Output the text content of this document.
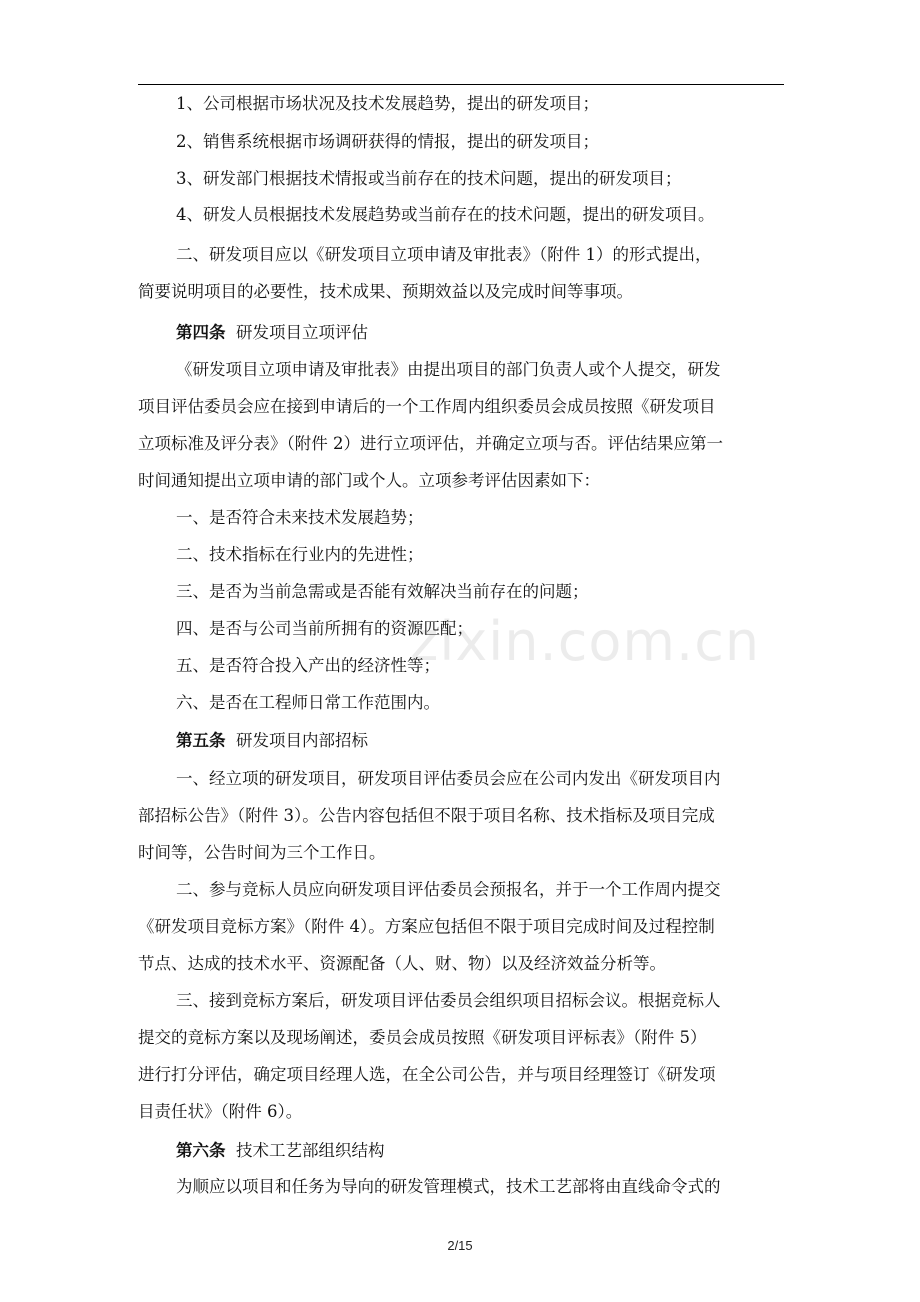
1、公司根据市场状况及技术发展趋势，提出的研发项目；
2、销售系统根据市场调研获得的情报，提出的研发项目；
3、研发部门根据技术情报或当前存在的技术问题，提出的研发项目；
4、研发人员根据技术发展趋势或当前存在的技术问题，提出的研发项目。
二、研发项目应以《研发项目立项申请及审批表》（附件 1）的形式提出，
简要说明项目的必要性，技术成果、预期效益以及完成时间等事项。
第四条 研发项目立项评估
《研发项目立项申请及审批表》由提出项目的部门负责人或个人提交，研发
项目评估委员会应在接到申请后的一个工作周内组织委员会成员按照《研发项目
立项标准及评分表》（附件 2）进行立项评估，并确定立项与否。评估结果应第一
时间通知提出立项申请的部门或个人。立项参考评估因素如下：
一、是否符合未来技术发展趋势；
二、技术指标在行业内的先进性；
三、是否为当前急需或是否能有效解决当前存在的问题；
四、是否与公司当前所拥有的资源匹配；
五、是否符合投入产出的经济性等；
六、是否在工程师日常工作范围内。
第五条 研发项目内部招标
一、经立项的研发项目，研发项目评估委员会应在公司内发出《研发项目内
部招标公告》（附件 3）。公告内容包括但不限于项目名称、技术指标及项目完成
时间等，公告时间为三个工作日。
二、参与竞标人员应向研发项目评估委员会预报名，并于一个工作周内提交
《研发项目竞标方案》（附件 4）。方案应包括但不限于项目完成时间及过程控制
节点、达成的技术水平、资源配备（人、财、物）以及经济效益分析等。
三、接到竞标方案后，研发项目评估委员会组织项目招标会议。根据竞标人
提交的竞标方案以及现场阐述，委员会成员按照《研发项目评标表》（附件 5）
进行打分评估，确定项目经理人选，在全公司公告，并与项目经理签订《研发项
目责任状》（附件 6）。
第六条 技术工艺部组织结构
为顺应以项目和任务为导向的研发管理模式，技术工艺部将由直线命令式的
zixin.com.cn
2/15
